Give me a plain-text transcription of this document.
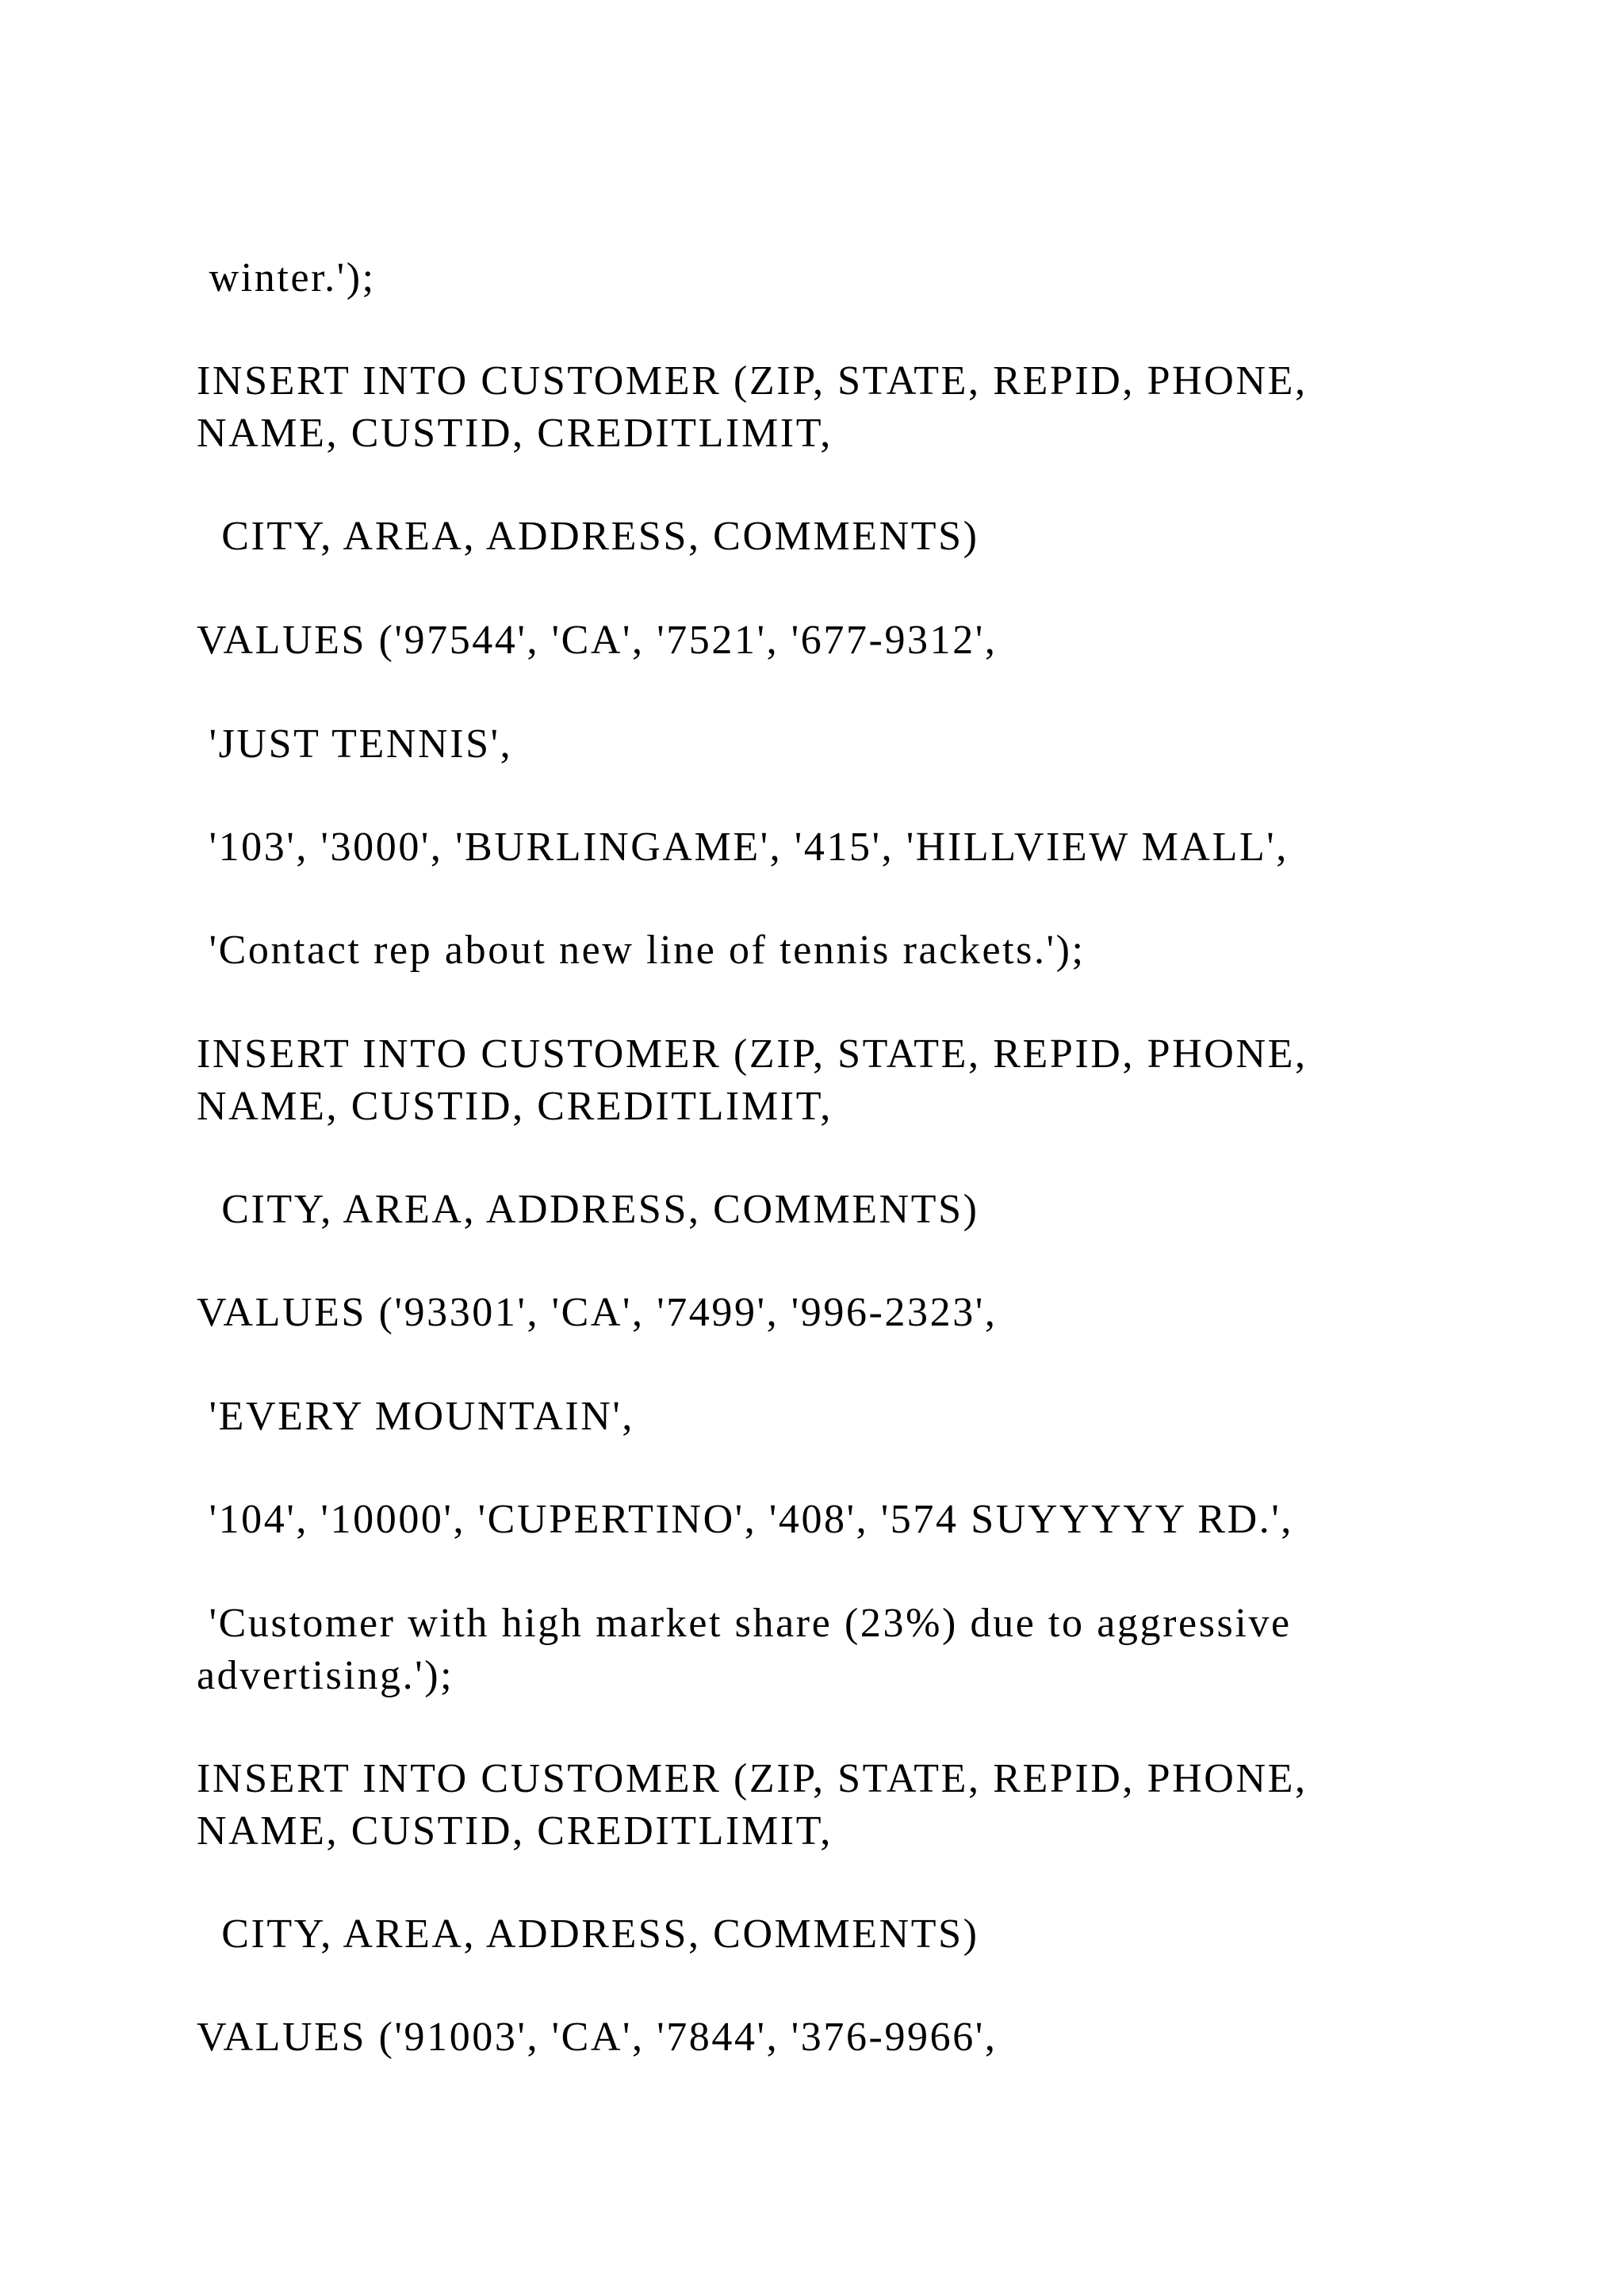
winter.');

INSERT INTO CUSTOMER (ZIP, STATE, REPID, PHONE, NAME, CUSTID, CREDITLIMIT,

CITY, AREA, ADDRESS, COMMENTS)

VALUES ('97544', 'CA', '7521', '677-9312',

'JUST TENNIS',

'103', '3000', 'BURLINGAME', '415', 'HILLVIEW MALL',

'Contact rep about new line of tennis rackets.');

INSERT INTO CUSTOMER (ZIP, STATE, REPID, PHONE, NAME, CUSTID, CREDITLIMIT,

CITY, AREA, ADDRESS, COMMENTS)

VALUES ('93301', 'CA', '7499', '996-2323',

'EVERY MOUNTAIN',

'104', '10000', 'CUPERTINO', '408', '574 SUYYYYY RD.',

'Customer with high market share (23%) due to aggressive advertising.');

INSERT INTO CUSTOMER (ZIP, STATE, REPID, PHONE, NAME, CUSTID, CREDITLIMIT,

CITY, AREA, ADDRESS, COMMENTS)

VALUES ('91003', 'CA', '7844', '376-9966',
